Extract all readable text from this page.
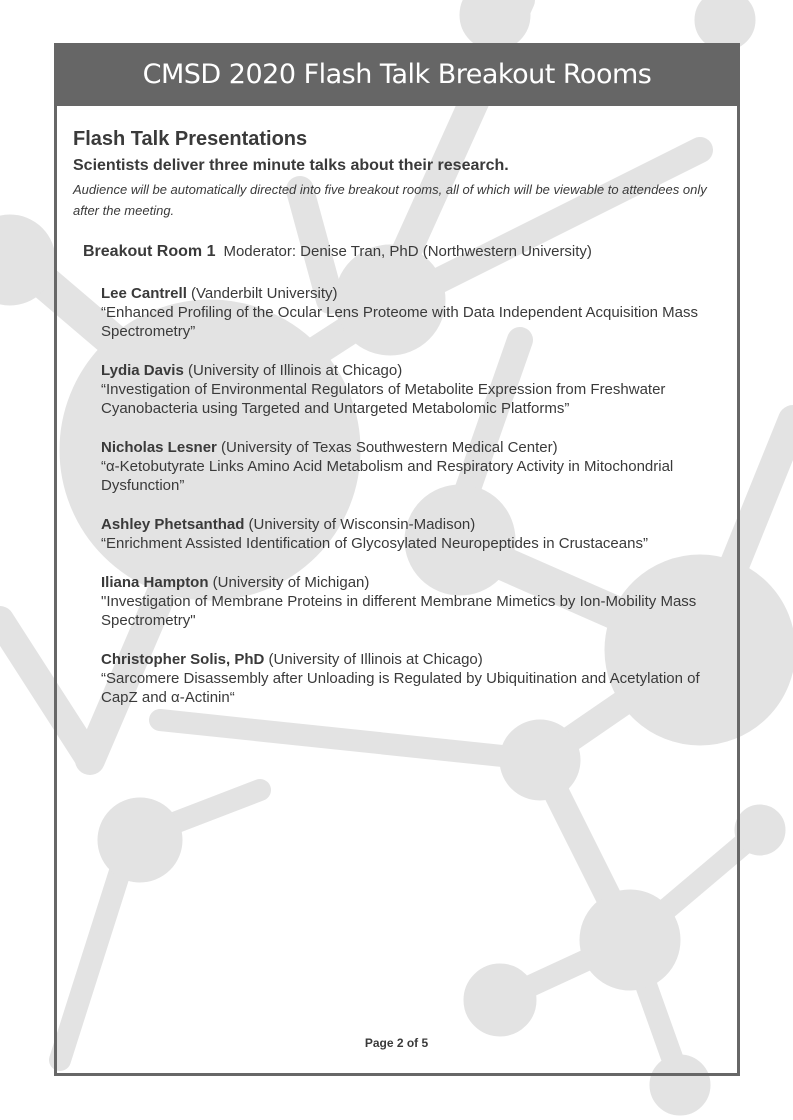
CMSD 2020 Flash Talk Breakout Rooms
Flash Talk Presentations
Scientists deliver three minute talks about their research.

Audience will be automatically directed into five breakout rooms, all of which will be viewable to attendees only after the meeting.

Breakout Room 1 Moderator: Denise Tran, PhD (Northwestern University)
Lee Cantrell (Vanderbilt University)
“Enhanced Profiling of the Ocular Lens Proteome with Data Independent Acquisition Mass Spectrometry”
Lydia Davis (University of Illinois at Chicago)
“Investigation of Environmental Regulators of Metabolite Expression from Freshwater Cyanobacteria using Targeted and Untargeted Metabolomic Platforms”
Nicholas Lesner (University of Texas Southwestern Medical Center)
“α-Ketobutyrate Links Amino Acid Metabolism and Respiratory Activity in Mitochondrial Dysfunction”
Ashley Phetsanthad (University of Wisconsin-Madison)
“Enrichment Assisted Identification of Glycosylated Neuropeptides in Crustaceans”
Iliana Hampton (University of Michigan)
"Investigation of Membrane Proteins in different Membrane Mimetics by Ion-Mobility Mass Spectrometry"
Christopher Solis, PhD (University of Illinois at Chicago)
“Sarcomere Disassembly after Unloading is Regulated by Ubiquitination and Acetylation of CapZ and α-Actinin“
Page 2 of 5
